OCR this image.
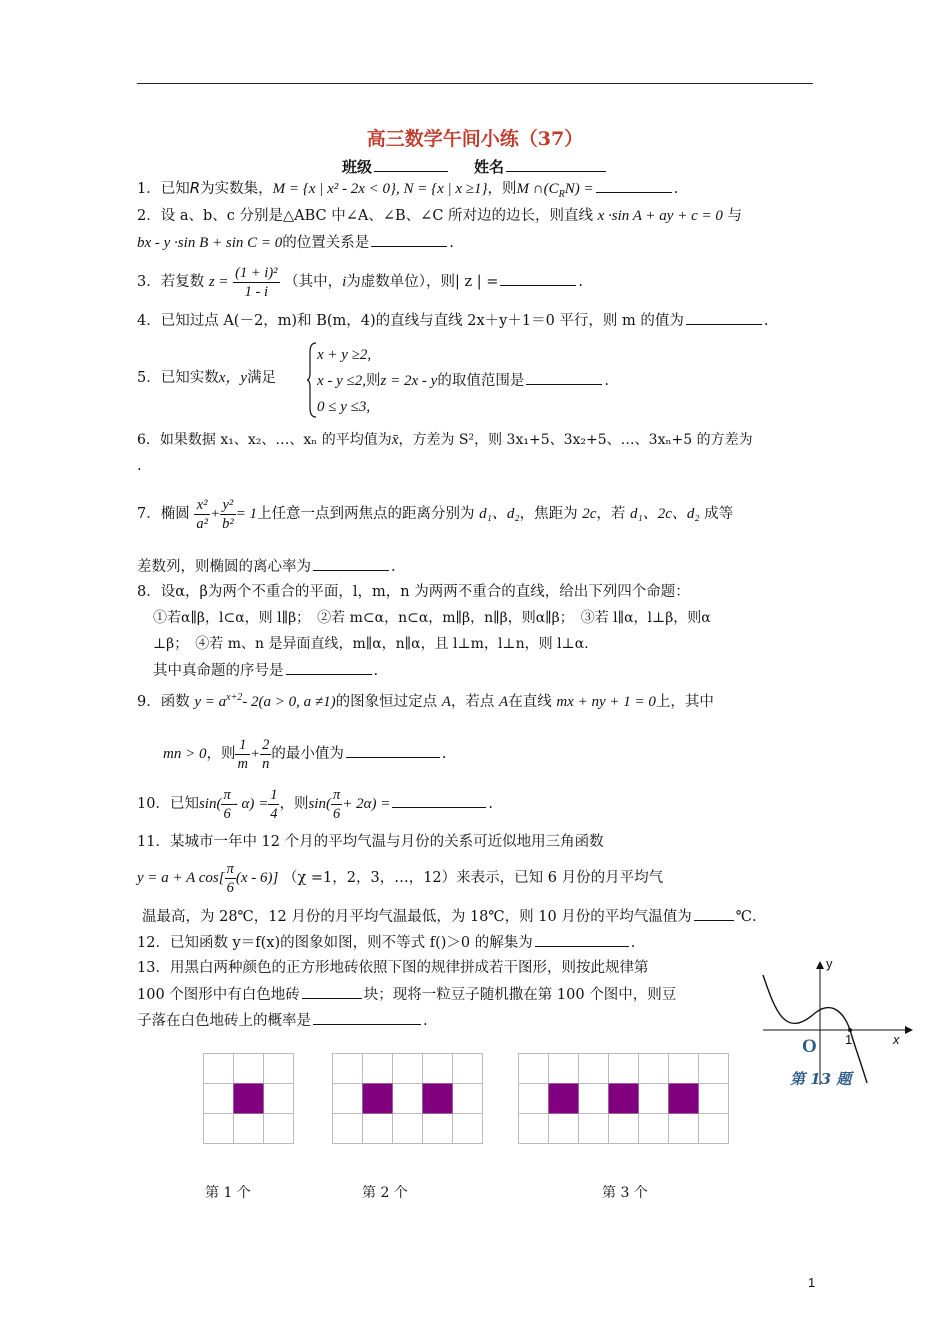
高三数学午间小练（37）
班级	姓名
1．已知R为实数集，M = {x | x² - 2x < 0}, N = {x | x ≥1}，则M $\cap(C_RN)$ =	.
2．设 a、b、c 分别是△ABC 中∠A、∠B、∠C 所对边的边长，则直线 x ·sin A + ay + c = 0 与
bx - y ·sin B + sin C = 0的位置关系是	.
3．若复数 $z = \frac{\text{(1 + i)²}}{1 - i}$ （其中，i为虚数单位），则| z | =	.
4．已知过点 A(－2，m)和 B(m，4)的直线与直线 2x＋y＋1＝0 平行，则 m 的值为	.
5．已知实数x，y满足
x + y ≥2,
x - y ≤2,则z = 2x - y的取值范围是	.
0 ≤ y ≤3,
6．如果数据 x₁、x₂、…、xₙ 的平均值为x̄，方差为 S²，则 3x₁+5、3x₂+5、…、3xₙ+5 的方差为
.
7．椭圆 $\frac{\text{x²}}{\text{a²}} + \frac{\text{y²}}{\text{b²}} = 1$上任意一点到两焦点的距离分别为 d₁、d₂，焦距为 2c，若 d₁、2c、d₂ 成等
差数列，则椭圆的离心率为	.
8．设α，β为两个不重合的平面，l，m，n 为两两不重合的直线，给出下列四个命题：
①若α∥β，l⊂α，则 l∥β；　②若 m⊂α，n⊂α，m∥β，n∥β，则α∥β；　③若 l∥α，l⊥β，则α
⊥β；　④若 m、n 是异面直线，m∥α，n∥α，且 l⊥m，l⊥n，则 l⊥α.
其中真命题的序号是	.
9．函数 $y = a^{x+2}-$ 2(a > 0, a ≠1)的图象恒过定点 A，若点 A在直线 mx + ny + 1 = 0上，其中
mn > 0，则 $\frac{1}{m} + \frac{2}{n}$ 的最小值为	.
10．已知$\sin( \frac{\pi}{6} - \alpha) = \frac{1}{4}$ ，则$\sin( \frac{\pi}{6} + 2\alpha)$ =	.
11．某城市一年中 12 个月的平均气温与月份的关系可近似地用三角函数
y = a + A $\cos[ \frac{\pi}{6} (x - 6)]$ （χ =1，2，3，…，12）来表示，已知 6 月份的月平均气
温最高，为 28℃，12 月份的月平均气温最低，为 18℃，则 10 月份的平均气温值为	℃.
12．已知函数 y＝f(x)的图象如图，则不等式 f()＞0 的解集为	.
13．用黑白两种颜色的正方形地砖依照下图的规律拼成若干图形，则按此规律第
100 个图形中有白色地砖	块；现将一粒豆子随机撒在第 100 个图中，则豆
子落在白色地砖上的概率是	.
y
x
O 1
第 13 题
第 1 个	第 2 个	第 3 个
1
